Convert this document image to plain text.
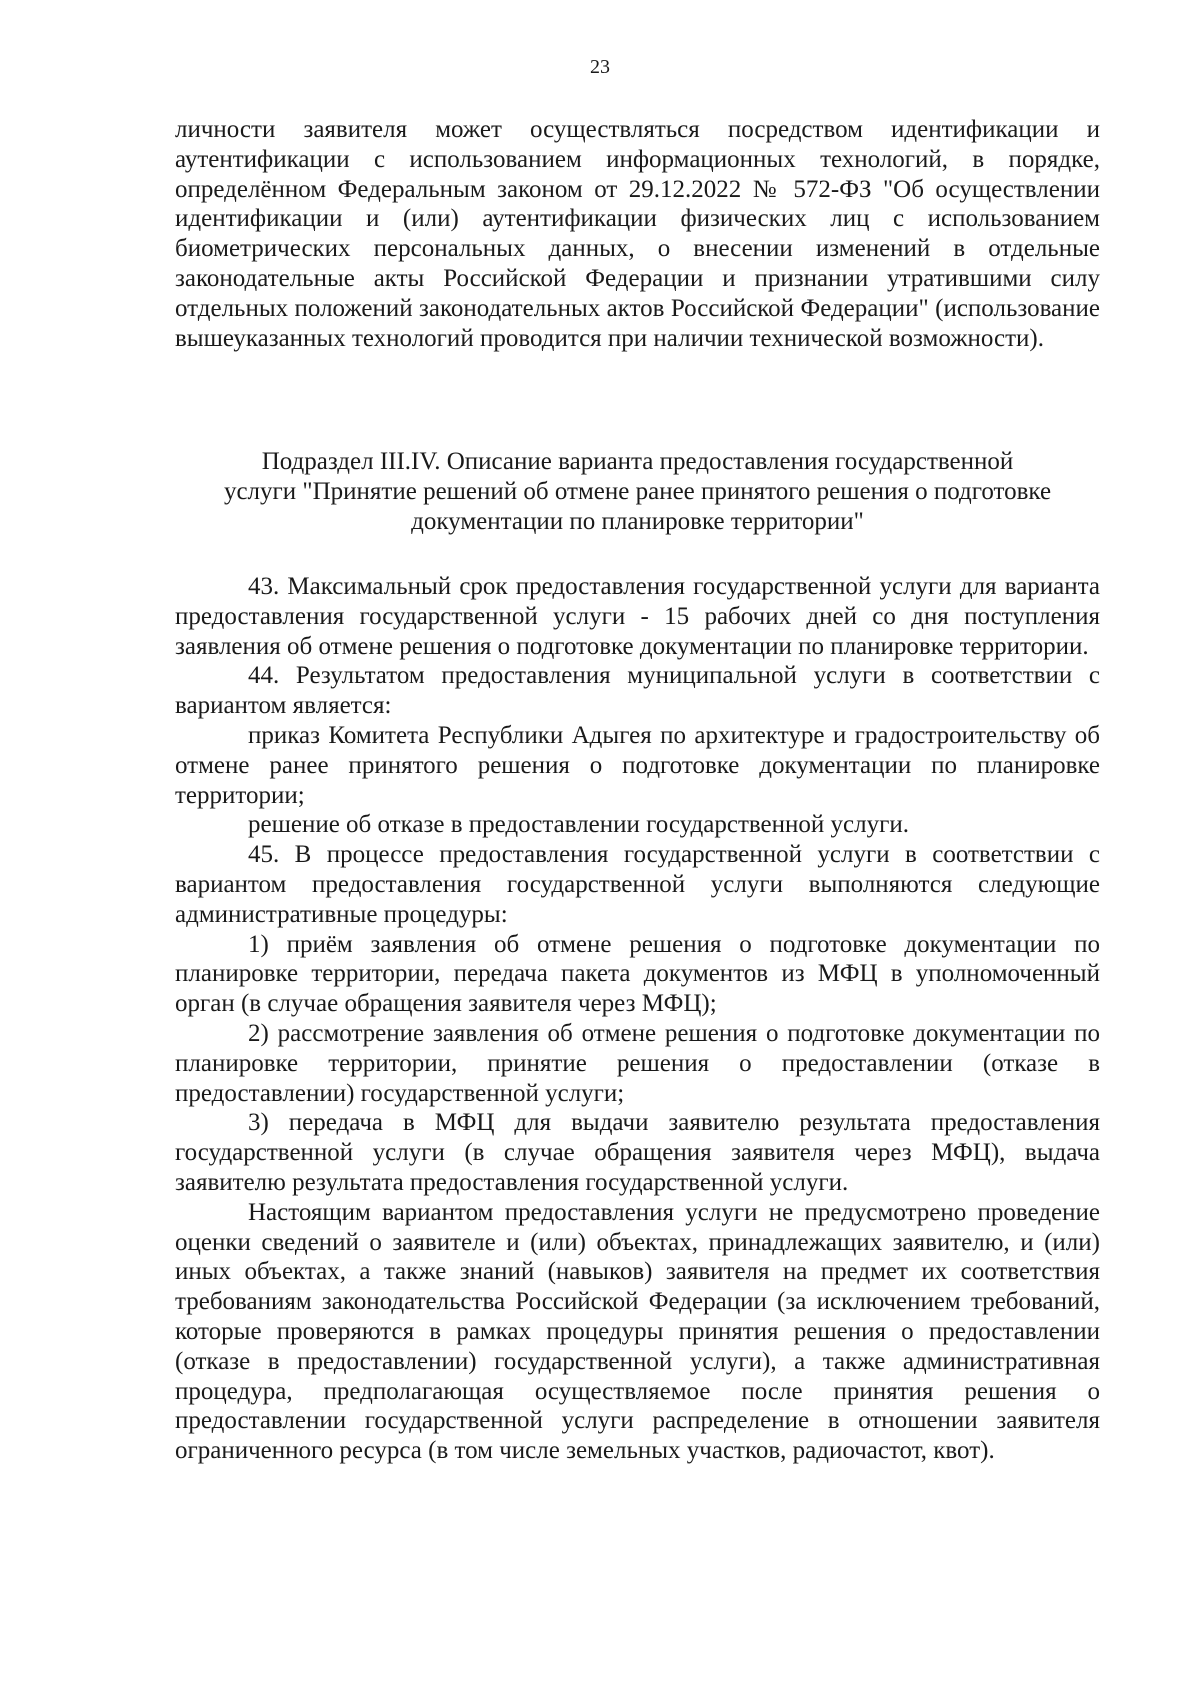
23

личности заявителя может осуществляться посредством идентификации и аутентификации с использованием информационных технологий, в порядке, определённом Федеральным законом от 29.12.2022 № 572-ФЗ "Об осуществлении идентификации и (или) аутентификации физических лиц с использованием биометрических персональных данных, о внесении изменений в отдельные законодательные акты Российской Федерации и признании утратившими силу отдельных положений законодательных актов Российской Федерации" (использование вышеуказанных технологий проводится при наличии технической возможности).

Подраздел III.IV. Описание варианта предоставления государственной

услуги "Принятие решений об отмене ранее принятого решения о подготовке

документации по планировке территории"

43. Максимальный срок предоставления государственной услуги для варианта предоставления государственной услуги - 15 рабочих дней со дня поступления заявления об отмене решения о подготовке документации по планировке территории.

44. Результатом предоставления муниципальной услуги в соответствии с вариантом является:

приказ Комитета Республики Адыгея по архитектуре и градостроительству об отмене ранее принятого решения о подготовке документации по планировке территории;

решение об отказе в предоставлении государственной услуги.

45. В процессе предоставления государственной услуги в соответствии с вариантом предоставления государственной услуги выполняются следующие административные процедуры:

1) приём заявления об отмене решения о подготовке документации по планировке территории, передача пакета документов из МФЦ в уполномоченный орган (в случае обращения заявителя через МФЦ);

2) рассмотрение заявления об отмене решения о подготовке документации по планировке территории, принятие решения о предоставлении (отказе в предоставлении) государственной услуги;

3) передача в МФЦ для выдачи заявителю результата предоставления государственной услуги (в случае обращения заявителя через МФЦ), выдача заявителю результата предоставления государственной услуги.

Настоящим вариантом предоставления услуги не предусмотрено проведение оценки сведений о заявителе и (или) объектах, принадлежащих заявителю, и (или) иных объектах, а также знаний (навыков) заявителя на предмет их соответствия требованиям законодательства Российской Федерации (за исключением требований, которые проверяются в рамках процедуры принятия решения о предоставлении (отказе в предоставлении) государственной услуги), а также административная процедура, предполагающая осуществляемое после принятия решения о предоставлении государственной услуги распределение в отношении заявителя ограниченного ресурса (в том числе земельных участков, радиочастот, квот).
